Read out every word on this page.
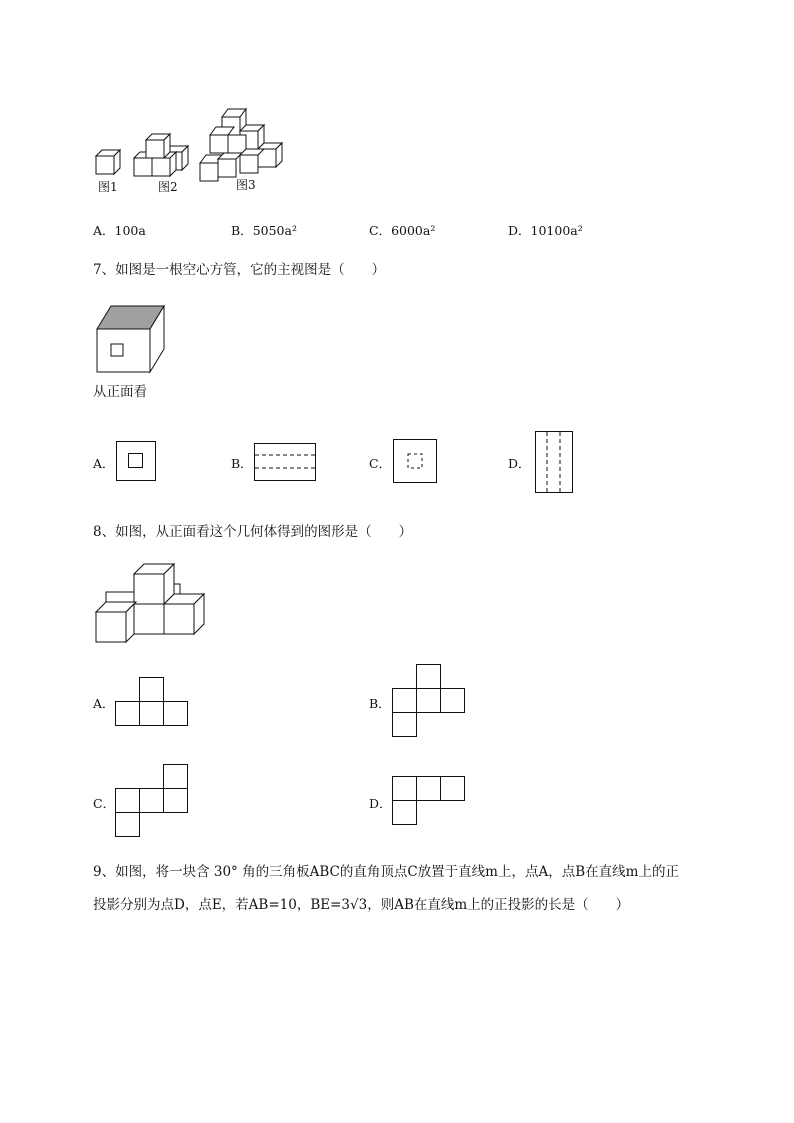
图1	图2	图3
A．100a	B．5050a²	C．6000a²	D．10100a²
7、如图是一根空心方管，它的主视图是（　　）
从正面看
A．	B．	C．	D．
8、如图，从正面看这个几何体得到的图形是（　　）
A．	B．
C．	D．
9、如图，将一块含 30° 角的三角板ABC的直角顶点C放置于直线m上，点A，点B在直线m上的正
投影分别为点D，点E，若AB=10，BE=3√3，则AB在直线m上的正投影的长是（　　）
